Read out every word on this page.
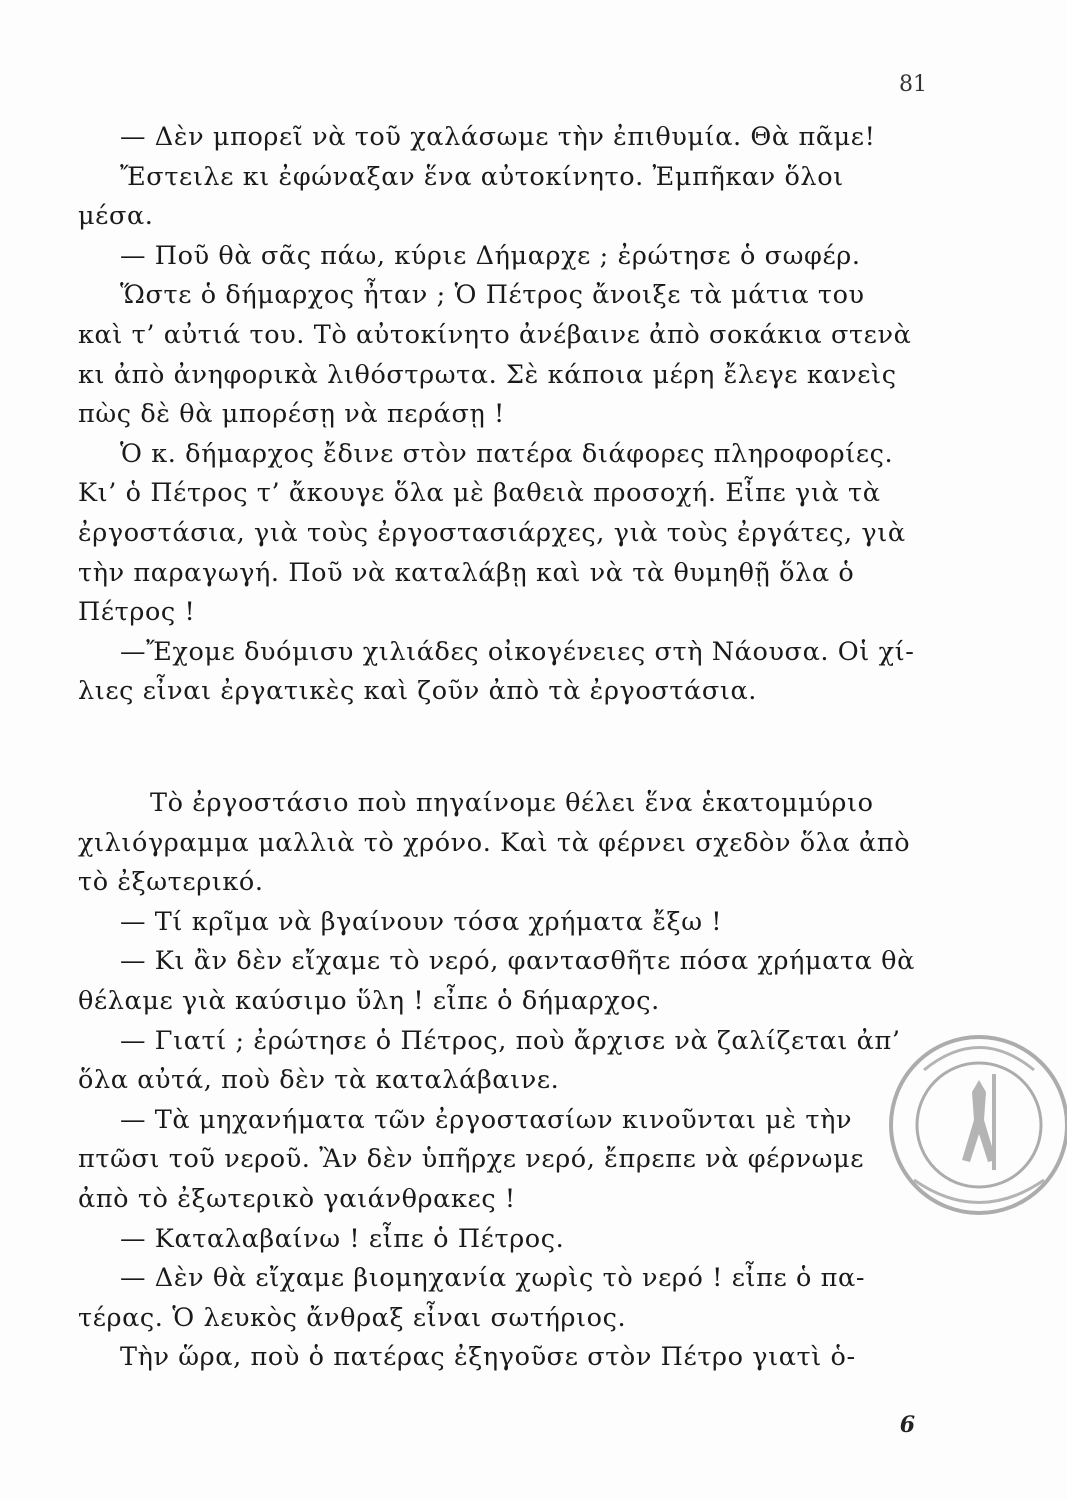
81
— Δὲν μπορεῖ νὰ τοῦ χαλάσωμε τὴν ἐπιθυμία. Θὰ πᾶμε!
Ἔστειλε κι ἐφώναξαν ἕνα αὐτοκίνητο. Ἐμπῆκαν ὅλοι
μέσα.
— Ποῦ θὰ σᾶς πάω, κύριε Δήμαρχε ; ἐρώτησε ὁ σωφέρ.
Ὥστε ὁ δήμαρχος ἦταν ; Ὁ Πέτρος ἄνοιξε τὰ μάτια του
καὶ τ’ αὐτιά του. Τὸ αὐτοκίνητο ἀνέβαινε ἀπὸ σοκάκια στενὰ
κι ἀπὸ ἀνηφορικὰ λιθόστρωτα. Σὲ κάποια μέρη ἔλεγε κανεὶς
πὼς δὲ θὰ μπορέσῃ νὰ περάσῃ !
Ὁ κ. δήμαρχος ἔδινε στὸν πατέρα διάφορες πληροφορίες.
Κι’ ὁ Πέτρος τ’ ἄκουγε ὅλα μὲ βαθειὰ προσοχή. Εἶπε γιὰ τὰ
ἐργοστάσια, γιὰ τοὺς ἐργοστασιάρχες, γιὰ τοὺς ἐργάτες, γιὰ
τὴν παραγωγή. Ποῦ νὰ καταλάβῃ καὶ νὰ τὰ θυμηθῇ ὅλα ὁ
Πέτρος !
—Ἔχομε δυόμισυ χιλιάδες οἰκογένειες στὴ Νάουσα. Οἱ χί-
λιες εἶναι ἐργατικὲς καὶ ζοῦν ἀπὸ τὰ ἐργοστάσια.
Τὸ ἐργοστάσιο ποὺ πηγαίνομε θέλει ἕνα ἑκατομμύριο
χιλιόγραμμα μαλλιὰ τὸ χρόνο. Καὶ τὰ φέρνει σχεδὸν ὅλα ἀπὸ
τὸ ἐξωτερικό.
— Τί κρῖμα νὰ βγαίνουν τόσα χρήματα ἔξω !
— Κι ἂν δὲν εἴχαμε τὸ νερό, φαντασθῆτε πόσα χρήματα θὰ
θέλαμε γιὰ καύσιμο ὕλη ! εἶπε ὁ δήμαρχος.
— Γιατί ; ἐρώτησε ὁ Πέτρος, ποὺ ἄρχισε νὰ ζαλίζεται ἀπ’
ὅλα αὐτά, ποὺ δὲν τὰ καταλάβαινε.
— Τὰ μηχανήματα τῶν ἐργοστασίων κινοῦνται μὲ τὴν
πτῶσι τοῦ νεροῦ. Ἂν δὲν ὑπῆρχε νερό, ἔπρεπε νὰ φέρνωμε
ἀπὸ τὸ ἐξωτερικὸ γαιάνθρακες !
— Καταλαβαίνω ! εἶπε ὁ Πέτρος.
— Δὲν θὰ εἴχαμε βιομηχανία χωρὶς τὸ νερό ! εἶπε ὁ πα-
τέρας. Ὁ λευκὸς ἄνθραξ εἶναι σωτήριος.
Τὴν ὥρα, ποὺ ὁ πατέρας ἐξηγοῦσε στὸν Πέτρο γιατὶ ὁ-
6
